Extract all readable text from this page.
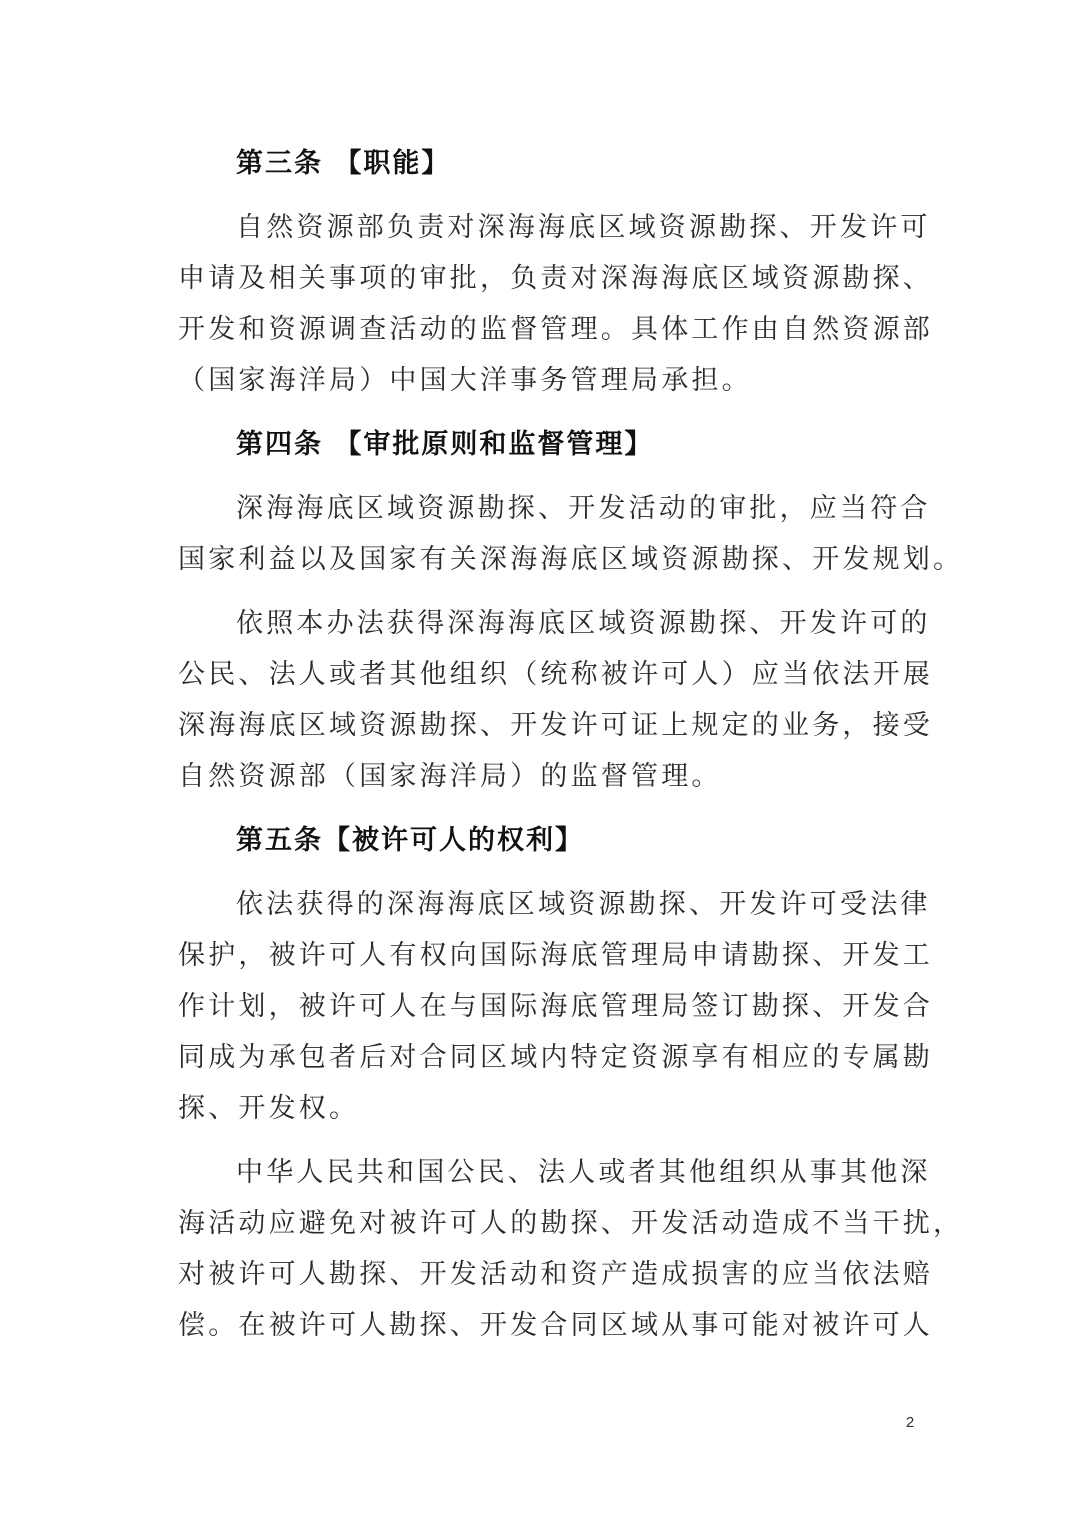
第三条 【职能】
自然资源部负责对深海海底区域资源勘探、开发许可
申请及相关事项的审批，负责对深海海底区域资源勘探、
开发和资源调查活动的监督管理。具体工作由自然资源部
（国家海洋局）中国大洋事务管理局承担。
第四条 【审批原则和监督管理】
深海海底区域资源勘探、开发活动的审批，应当符合
国家利益以及国家有关深海海底区域资源勘探、开发规划。
依照本办法获得深海海底区域资源勘探、开发许可的
公民、法人或者其他组织（统称被许可人）应当依法开展
深海海底区域资源勘探、开发许可证上规定的业务，接受
自然资源部（国家海洋局）的监督管理。
第五条【被许可人的权利】
依法获得的深海海底区域资源勘探、开发许可受法律
保护，被许可人有权向国际海底管理局申请勘探、开发工
作计划，被许可人在与国际海底管理局签订勘探、开发合
同成为承包者后对合同区域内特定资源享有相应的专属勘
探、开发权。
中华人民共和国公民、法人或者其他组织从事其他深
海活动应避免对被许可人的勘探、开发活动造成不当干扰，
对被许可人勘探、开发活动和资产造成损害的应当依法赔
偿。在被许可人勘探、开发合同区域从事可能对被许可人
2
